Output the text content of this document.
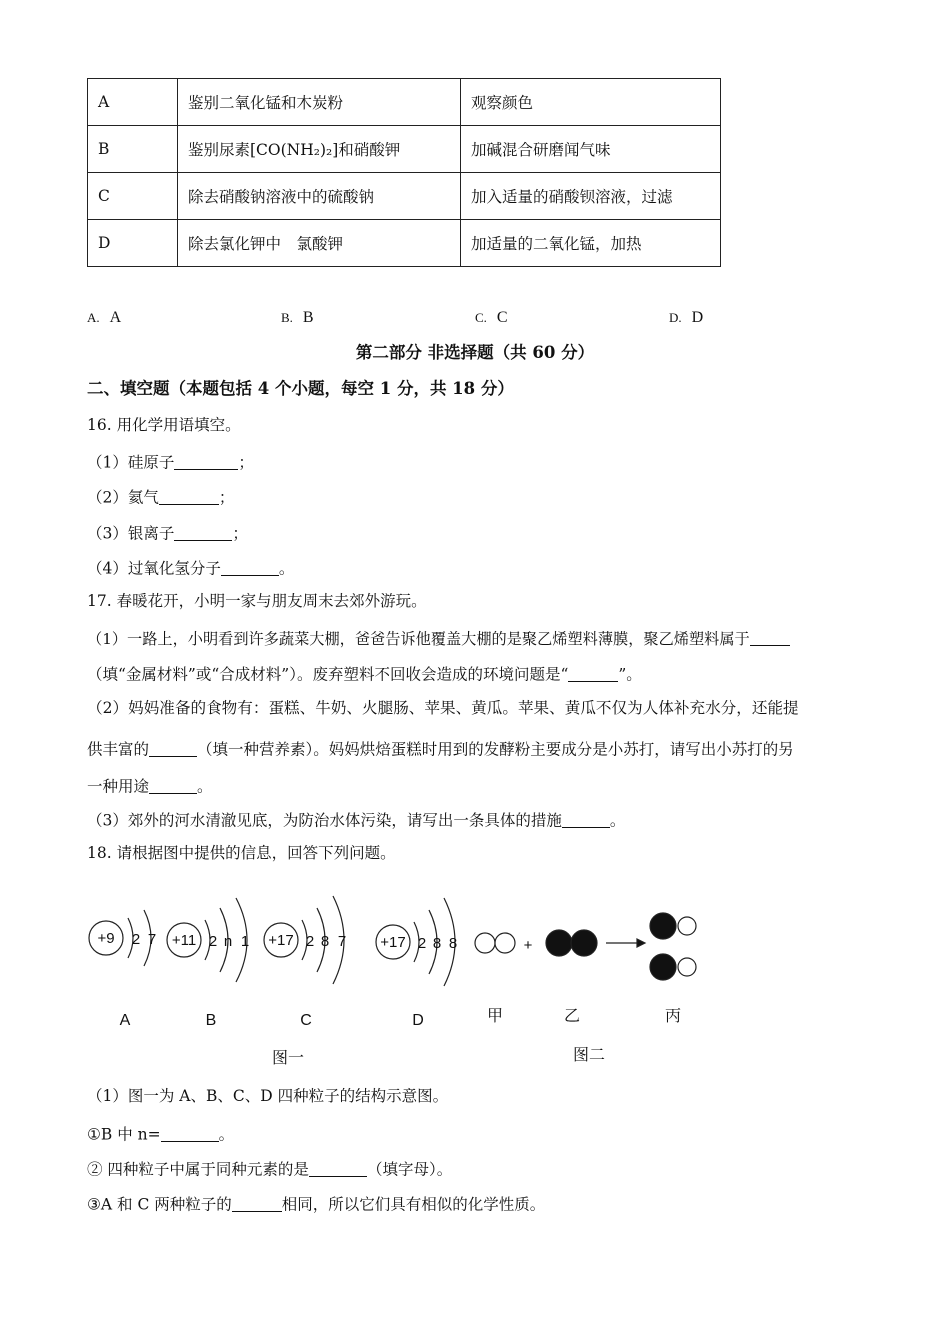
A	鉴别二氧化锰和木炭粉	观察颜色
B	鉴别尿素[CO(NH₂)₂]和硝酸钾	加碱混合研磨闻气味
C	除去硝酸钠溶液中的硫酸钠	加入适量的硝酸钡溶液，过滤
D	除去氯化钾中　氯酸钾	加适量的二氧化锰，加热
A. A	B. B	C. C	D. D
第二部分 非选择题（共 60 分）
二、填空题（本题包括 4 个小题，每空 1 分，共 18 分）
16. 用化学用语填空。
（1）硅原子	；
（2）氦气	；
（3）银离子	；
（4）过氧化氢分子	。
17. 春暖花开，小明一家与朋友周末去郊外游玩。
（1）一路上，小明看到许多蔬菜大棚，爸爸告诉他覆盖大棚的是聚乙烯塑料薄膜，聚乙烯塑料属于
（填“金属材料”或“合成材料”）。废弃塑料不回收会造成的环境问题是“	”。
（2）妈妈准备的食物有：蛋糕、牛奶、火腿肠、苹果、黄瓜。苹果、黄瓜不仅为人体补充水分，还能提
供丰富的	（填一种营养素）。妈妈烘焙蛋糕时用到的发酵粉主要成分是小苏打，请写出小苏打的另
一种用途	。
（3）郊外的河水清澈见底，为防治水体污染，请写出一条具体的措施	。
18. 请根据图中提供的信息，回答下列问题。
+9 2 7 +11 2 n 1 +17 2 8 7 +17 2 8 8
A	B	C	D
图一
+
甲	乙	丙
图二
（1）图一为 A、B、C、D 四种粒子的结构示意图。
①B 中 n=	。
② 四种粒子中属于同种元素的是	（填字母）。
③A 和 C 两种粒子的	相同，所以它们具有相似的化学性质。
